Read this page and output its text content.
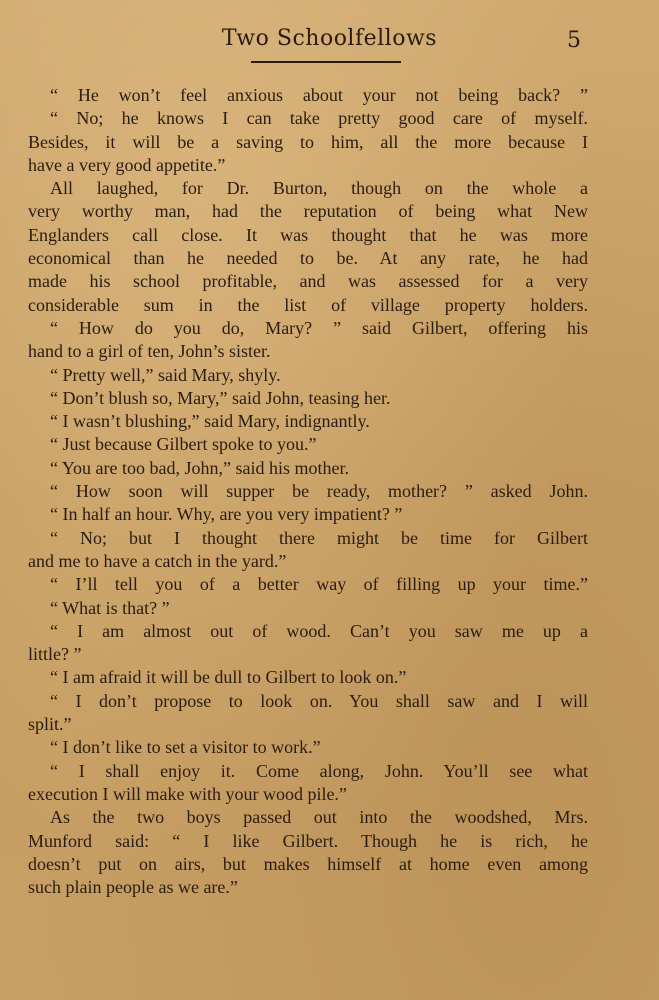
Two Schoolfellows	5
“ He won’t feel anxious about your not being back? ”
“ No; he knows I can take pretty good care of myself.
Besides, it will be a saving to him, all the more because I
have a very good appetite.”
All laughed, for Dr. Burton, though on the whole a
very worthy man, had the reputation of being what New
Englanders call close. It was thought that he was more
economical than he needed to be. At any rate, he had
made his school profitable, and was assessed for a very
considerable sum in the list of village property holders.
“ How do you do, Mary? ” said Gilbert, offering his
hand to a girl of ten, John’s sister.
“ Pretty well,” said Mary, shyly.
“ Don’t blush so, Mary,” said John, teasing her.
“ I wasn’t blushing,” said Mary, indignantly.
“ Just because Gilbert spoke to you.”
“ You are too bad, John,” said his mother.
“ How soon will supper be ready, mother? ” asked John.
“ In half an hour. Why, are you very impatient? ”
“ No; but I thought there might be time for Gilbert
and me to have a catch in the yard.”
“ I’ll tell you of a better way of filling up your time.”
“ What is that? ”
“ I am almost out of wood. Can’t you saw me up a
little? ”
“ I am afraid it will be dull to Gilbert to look on.”
“ I don’t propose to look on. You shall saw and I will
split.”
“ I don’t like to set a visitor to work.”
“ I shall enjoy it. Come along, John. You’ll see what
execution I will make with your wood pile.”
As the two boys passed out into the woodshed, Mrs.
Munford said: “ I like Gilbert. Though he is rich, he
doesn’t put on airs, but makes himself at home even among
such plain people as we are.”
